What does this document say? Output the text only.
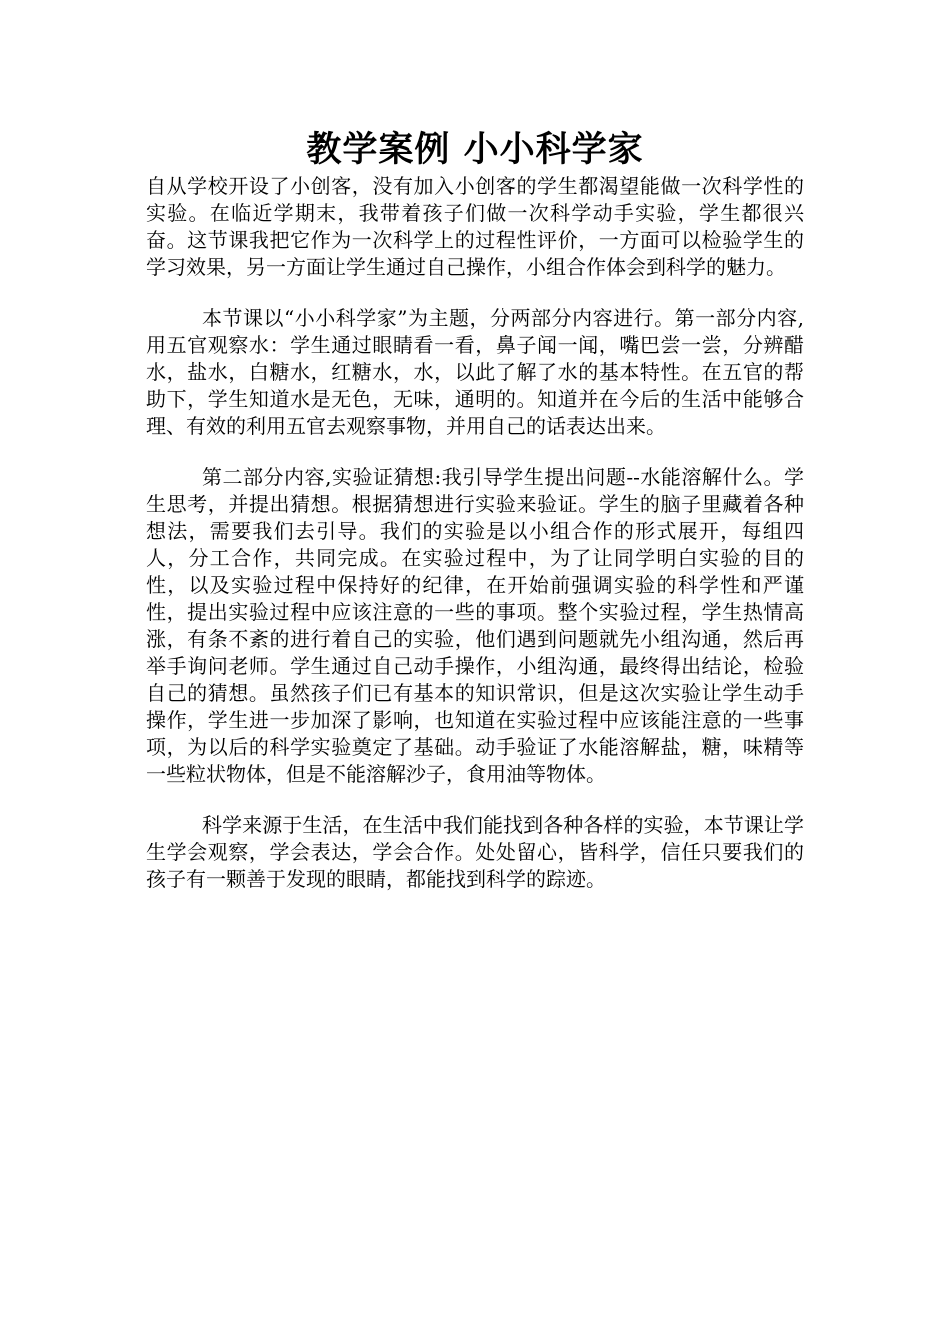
教学案例 小小科学家

自从学校开设了小创客，没有加入小创客的学生都渴望能做一次科学性的实验。在临近学期末，我带着孩子们做一次科学动手实验，学生都很兴奋。这节课我把它作为一次科学上的过程性评价，一方面可以检验学生的学习效果，另一方面让学生通过自己操作，小组合作体会到科学的魅力。

本节课以“小小科学家”为主题，分两部分内容进行。第一部分内容,用五官观察水：学生通过眼睛看一看，鼻子闻一闻，嘴巴尝一尝，分辨醋水，盐水，白糖水，红糖水，水，以此了解了水的基本特性。在五官的帮助下，学生知道水是无色，无味，通明的。知道并在今后的生活中能够合理、有效的利用五官去观察事物，并用自己的话表达出来。

第二部分内容,实验证猜想:我引导学生提出问题--水能溶解什么。学生思考，并提出猜想。根据猜想进行实验来验证。学生的脑子里藏着各种想法，需要我们去引导。我们的实验是以小组合作的形式展开，每组四人，分工合作，共同完成。在实验过程中，为了让同学明白实验的目的性，以及实验过程中保持好的纪律，在开始前强调实验的科学性和严谨性，提出实验过程中应该注意的一些的事项。整个实验过程，学生热情高涨，有条不紊的进行着自己的实验，他们遇到问题就先小组沟通，然后再举手询问老师。学生通过自己动手操作，小组沟通，最终得出结论，检验自己的猜想。虽然孩子们已有基本的知识常识，但是这次实验让学生动手操作，学生进一步加深了影响，也知道在实验过程中应该能注意的一些事项，为以后的科学实验奠定了基础。动手验证了水能溶解盐，糖，味精等一些粒状物体，但是不能溶解沙子，食用油等物体。

科学来源于生活，在生活中我们能找到各种各样的实验，本节课让学生学会观察，学会表达，学会合作。处处留心，皆科学，信任只要我们的孩子有一颗善于发现的眼睛，都能找到科学的踪迹。
